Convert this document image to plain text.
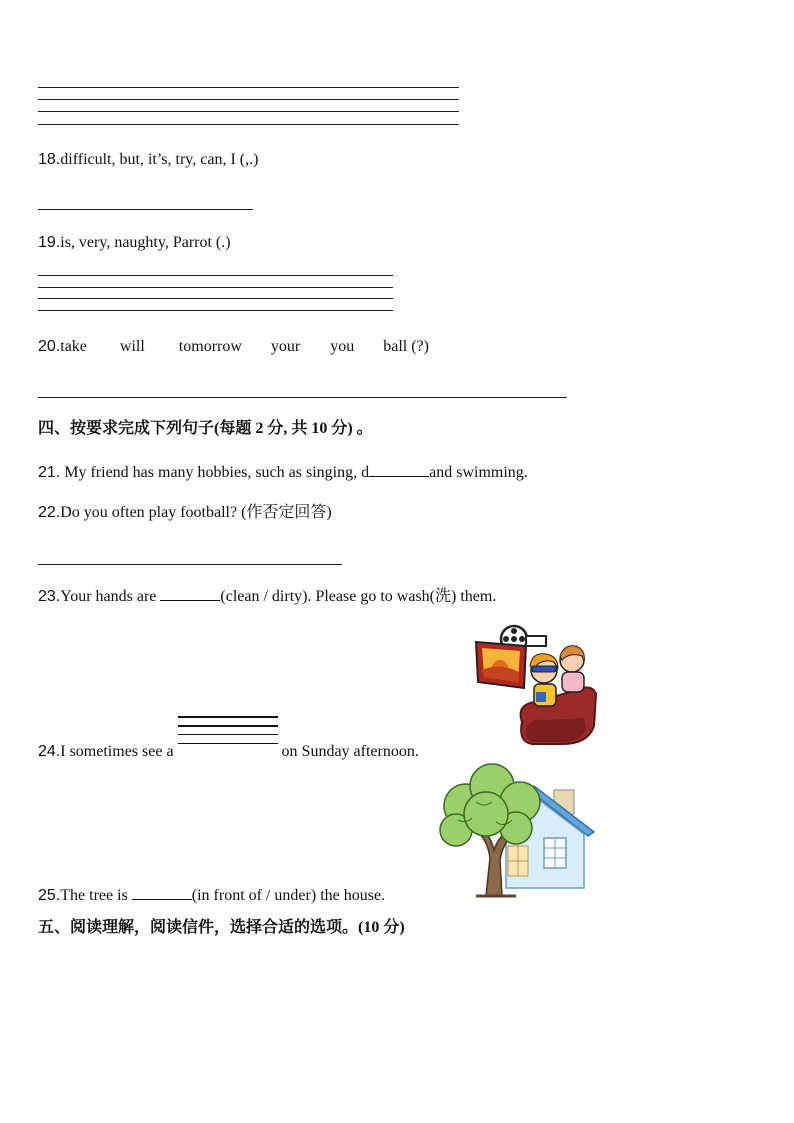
18.difficult, but, it’s, try, can, I (,.)
19.is, very, naughty, Parrot (.)
20.take will tomorrow your you ball (?)
四、按要求完成下列句子(每题 2 分, 共 10 分) 。
21. My friend has many hobbies, such as singing, d	and swimming.
22.Do you often play football? (作否定回答)
23.Your hands are	(clean / dirty). Please go to wash(洗) them.
24.I sometimes see a	on Sunday afternoon.
25.The tree is	(in front of / under) the house.
五、阅读理解，阅读信件，选择合适的选项。(10 分)
